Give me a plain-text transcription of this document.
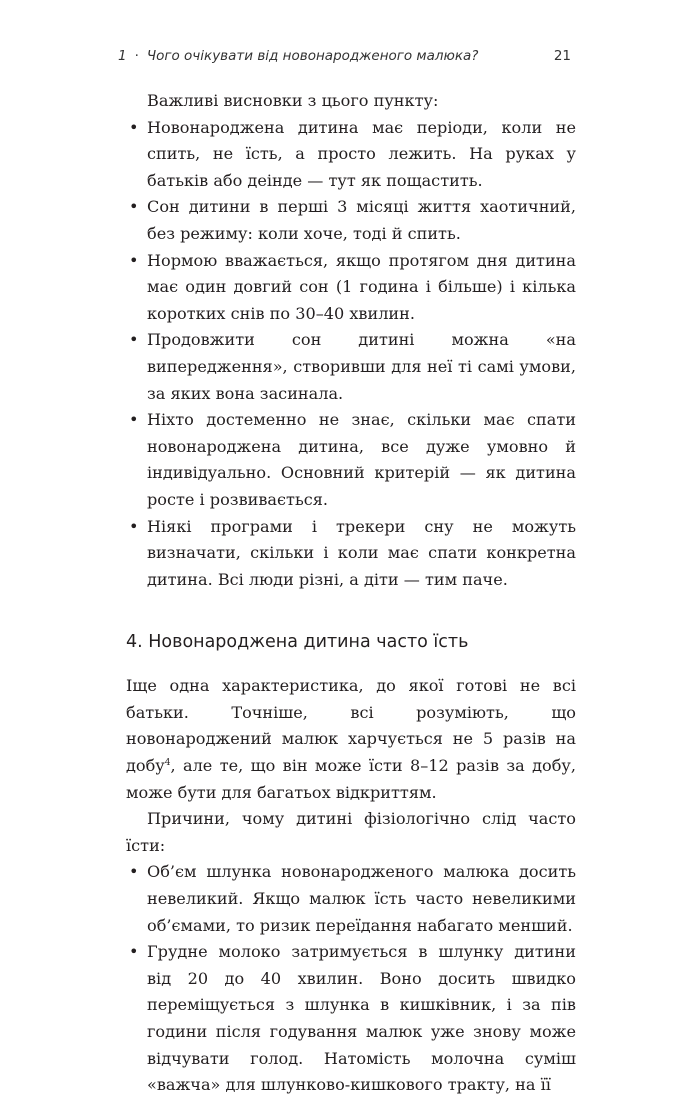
1 · Чого очікувати від новонародженого малюка?	21

Важливі висновки з цього пункту:

• Новонароджена дитина має періоди, коли не спить, не їсть, а просто лежить. На руках у батьків або деінде — тут як пощастить.
• Сон дитини в перші 3 місяці життя хаотичний, без режиму: коли хоче, тоді й спить.
• Нормою вважається, якщо протягом дня дитина має один довгий сон (1 година і більше) і кілька коротких снів по 30–40 хвилин.
• Продовжити сон дитині можна «на випередження», створивши для неї ті самі умови, за яких вона засинала.
• Ніхто достеменно не знає, скільки має спати новонароджена дитина, все дуже умовно й індивідуально. Основний критерій — як дитина росте і розвивається.
• Ніякі програми і трекери сну не можуть визначати, скільки і коли має спати конкретна дитина. Всі люди різні, а діти — тим паче.
4. Новонароджена дитина часто їсть

Іще одна характеристика, до якої готові не всі батьки. Точніше, всі розуміють, що новонароджений малюк харчується не 5 разів на добу$^4$, але те, що він може їсти 8–12 разів за добу, може бути для багатьох відкриттям.

Причини, чому дитині фізіологічно слід часто їсти:

• Об’єм шлунка новонародженого малюка досить невеликий. Якщо малюк їсть часто невеликими об’ємами, то ризик переїдання набагато менший.
• Грудне молоко затримується в шлунку дитини від 20 до 40 хвилин. Воно досить швидко переміщується з шлунка в кишківник, і за пів години після годування малюк уже знову може відчувати голод. Натомість молочна суміш «важча» для шлунково-кишкового тракту, на її
